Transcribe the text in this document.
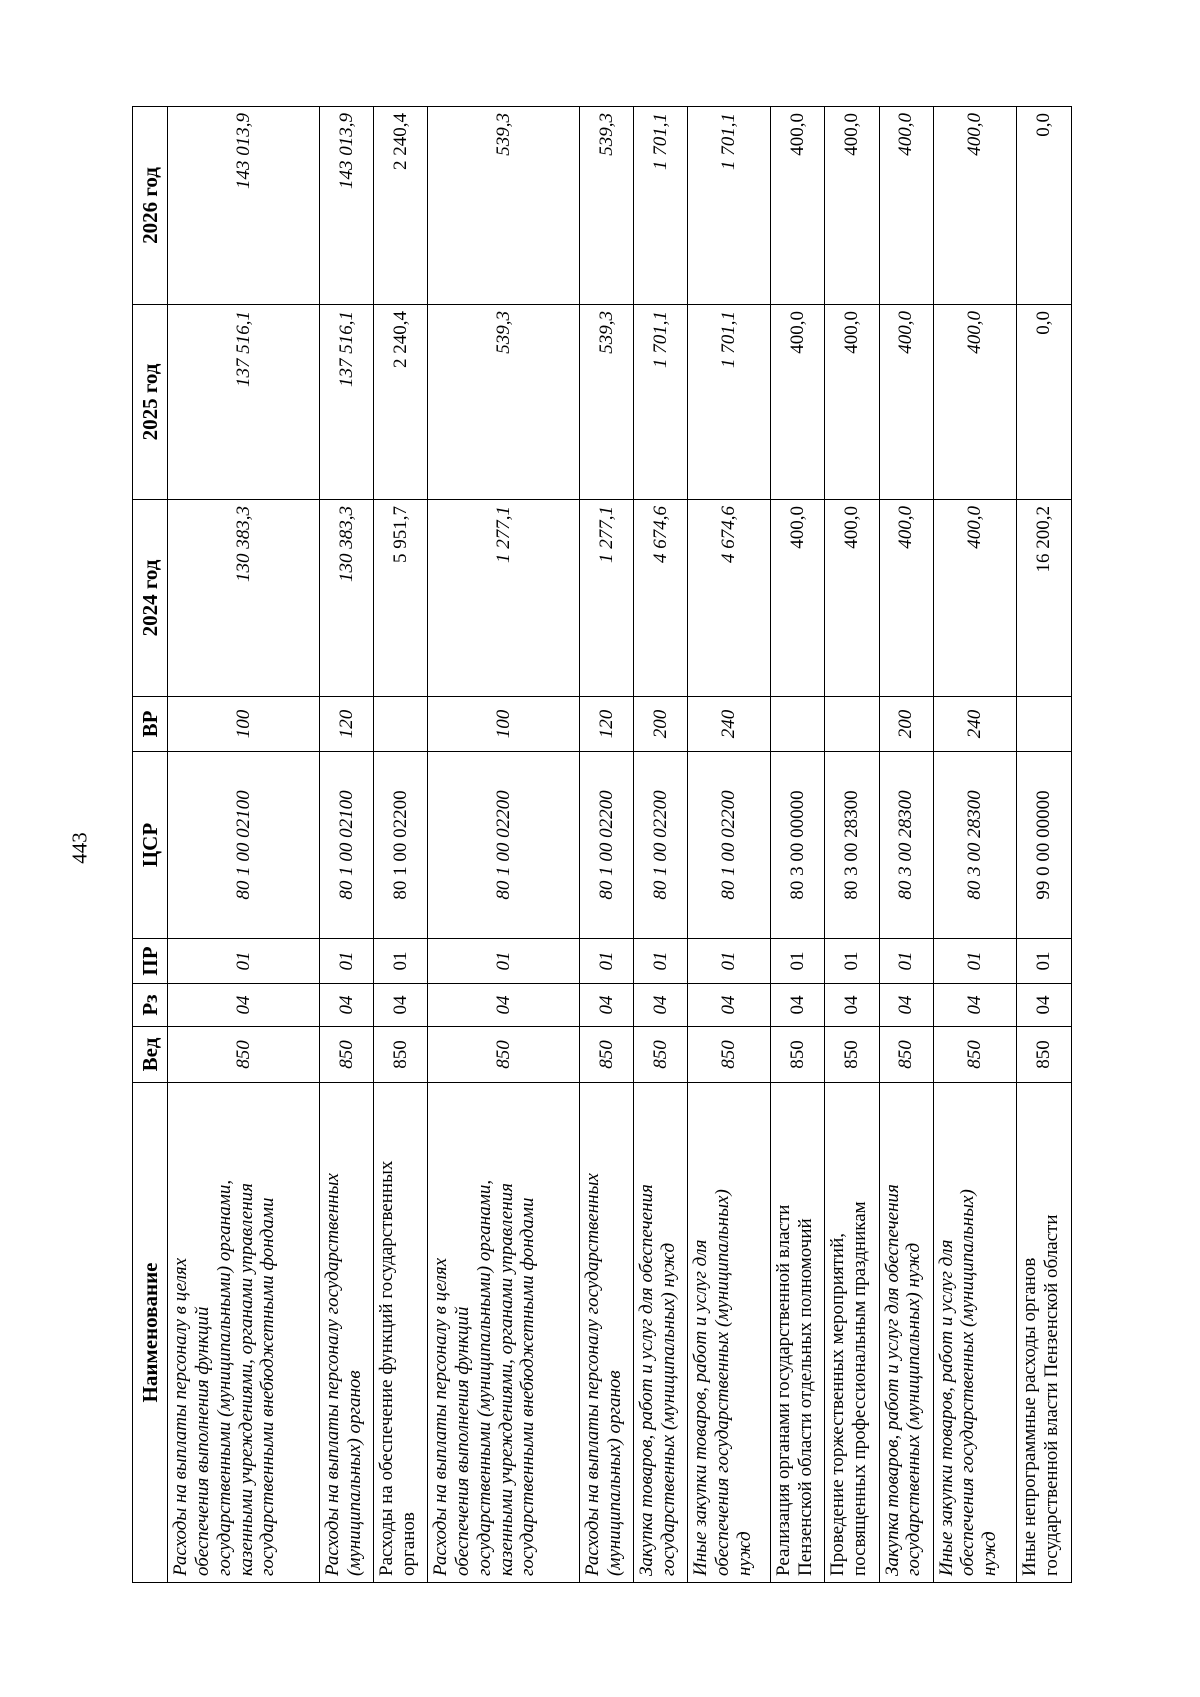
443
Наименование	Вед	Рз	ПР	ЦСР	ВР	2024 год	2025 год	2026 год

Расходы на выплаты персоналу в целях обеспечения выполнения функций государственными (муниципальными) органами, казенными учреждениями, органами управления государственными внебюджетными фондами	850	04	01	80 1 00 02100	100	130 383,3	137 516,1	143 013,9

Расходы на выплаты персоналу государственных (муниципальных) органов	850	04	01	80 1 00 02100	120	130 383,3	137 516,1	143 013,9

Расходы на обеспечение функций государственных органов	850	04	01	80 1 00 02200		5 951,7	2 240,4	2 240,4

Расходы на выплаты персоналу в целях обеспечения выполнения функций государственными (муниципальными) органами, казенными учреждениями, органами управления государственными внебюджетными фондами	850	04	01	80 1 00 02200	100	1 277,1	539,3	539,3

Расходы на выплаты персоналу государственных (муниципальных) органов	850	04	01	80 1 00 02200	120	1 277,1	539,3	539,3

Закупка товаров, работ и услуг для обеспечения государственных (муниципальных) нужд	850	04	01	80 1 00 02200	200	4 674,6	1 701,1	1 701,1

Иные закупки товаров, работ и услуг для обеспечения государственных (муниципальных) нужд	850	04	01	80 1 00 02200	240	4 674,6	1 701,1	1 701,1

Реализация органами государственной власти Пензенской области отдельных полномочий	850	04	01	80 3 00 00000		400,0	400,0	400,0

Проведение торжественных мероприятий, посвященных профессиональным праздникам	850	04	01	80 3 00 28300		400,0	400,0	400,0

Закупка товаров, работ и услуг для обеспечения государственных (муниципальных) нужд	850	04	01	80 3 00 28300	200	400,0	400,0	400,0

Иные закупки товаров, работ и услуг для обеспечения государственных (муниципальных) нужд	850	04	01	80 3 00 28300	240	400,0	400,0	400,0

Иные непрограммные расходы органов государственной власти Пензенской области	850	04	01	99 0 00 00000		16 200,2	0,0	0,0
